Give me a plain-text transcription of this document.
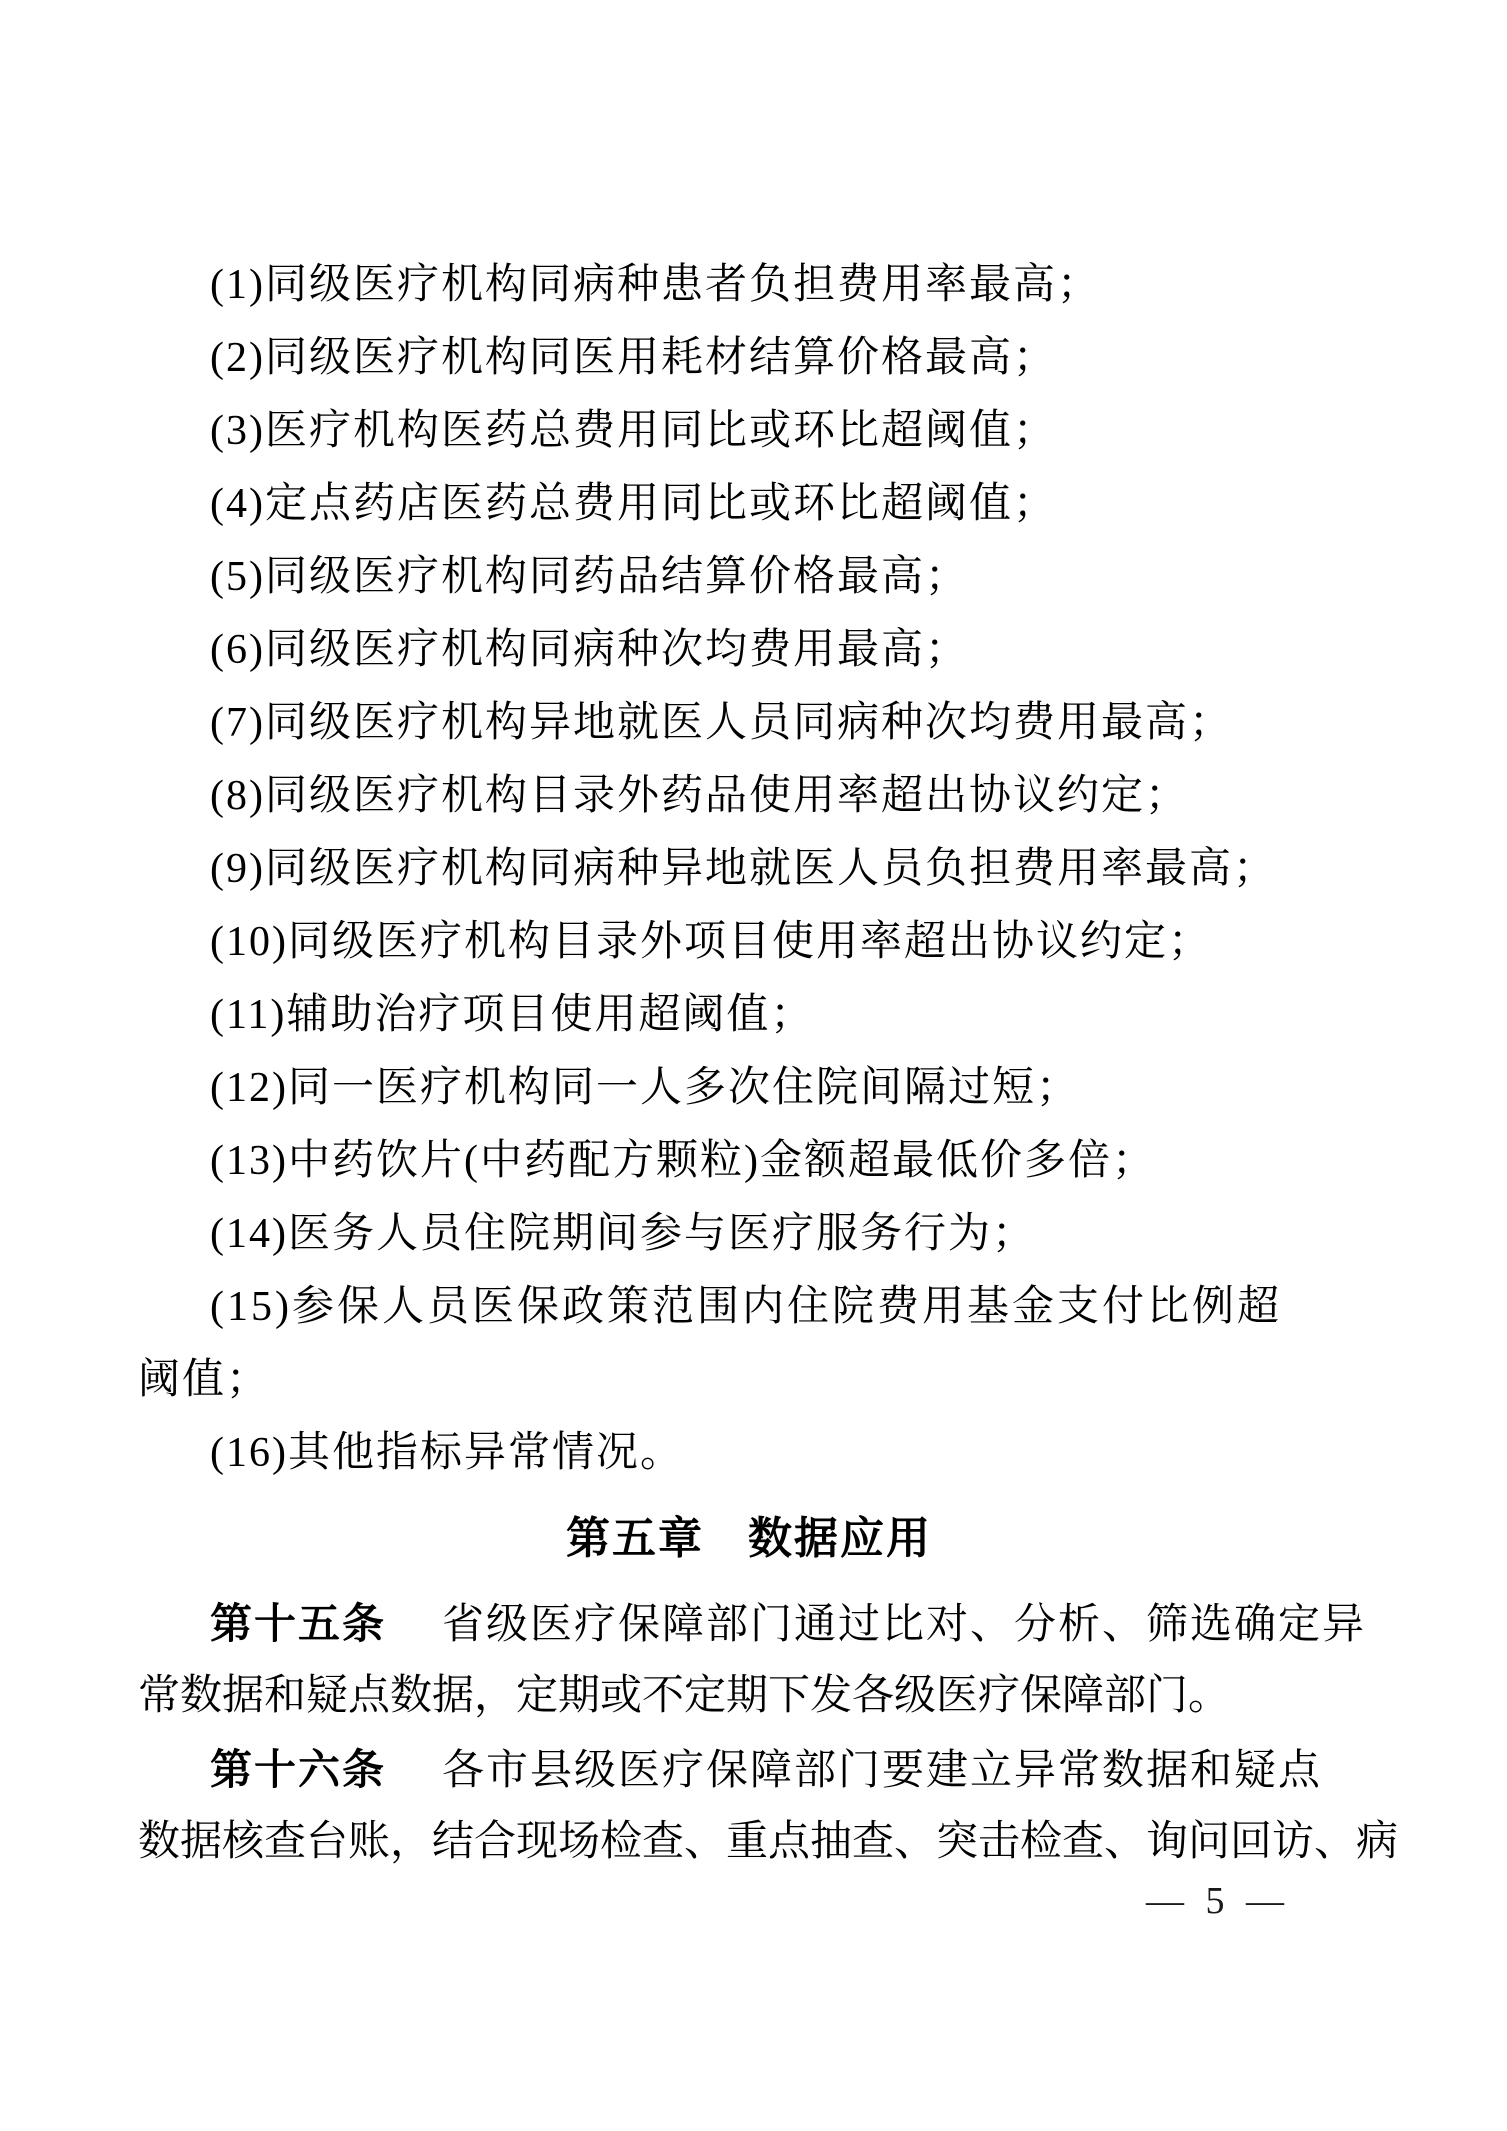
(1)同级医疗机构同病种患者负担费用率最高；
(2)同级医疗机构同医用耗材结算价格最高；
(3)医疗机构医药总费用同比或环比超阈值；
(4)定点药店医药总费用同比或环比超阈值；
(5)同级医疗机构同药品结算价格最高；
(6)同级医疗机构同病种次均费用最高；
(7)同级医疗机构异地就医人员同病种次均费用最高；
(8)同级医疗机构目录外药品使用率超出协议约定；
(9)同级医疗机构同病种异地就医人员负担费用率最高；
(10)同级医疗机构目录外项目使用率超出协议约定；
(11)辅助治疗项目使用超阈值；
(12)同一医疗机构同一人多次住院间隔过短；
(13)中药饮片(中药配方颗粒)金额超最低价多倍；
(14)医务人员住院期间参与医疗服务行为；
(15)参保人员医保政策范围内住院费用基金支付比例超
阈值；
(16)其他指标异常情况。
第五章 数据应用
第十五条 省级医疗保障部门通过比对、分析、筛选确定异
常数据和疑点数据，定期或不定期下发各级医疗保障部门。
第十六条 各市县级医疗保障部门要建立异常数据和疑点
数据核查台账，结合现场检查、重点抽查、突击检查、询问回访、病
— 5 —
